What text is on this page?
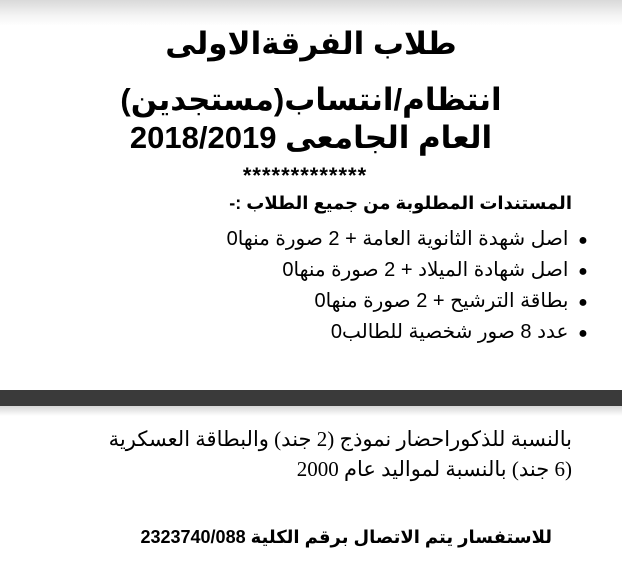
طلاب الفرقةالاولى
انتظام/انتساب(مستجدين)
العام الجامعى 2018/2019
*************
المستندات المطلوبة من جميع الطلاب :-
● اصل شهدة الثانوية العامة + 2 صورة منها0
● اصل شهادة الميلاد + 2 صورة منها0
● بطاقة الترشيح + 2 صورة منها0
● عدد 8 صور شخصية للطالب0
بالنسبة للذكوراحضار نموذج (2 جند) والبطاقة العسكرية
(6 جند) بالنسبة لمواليد عام 2000
للاستفسار يتم الاتصال برقم الكلية 2323740/088
